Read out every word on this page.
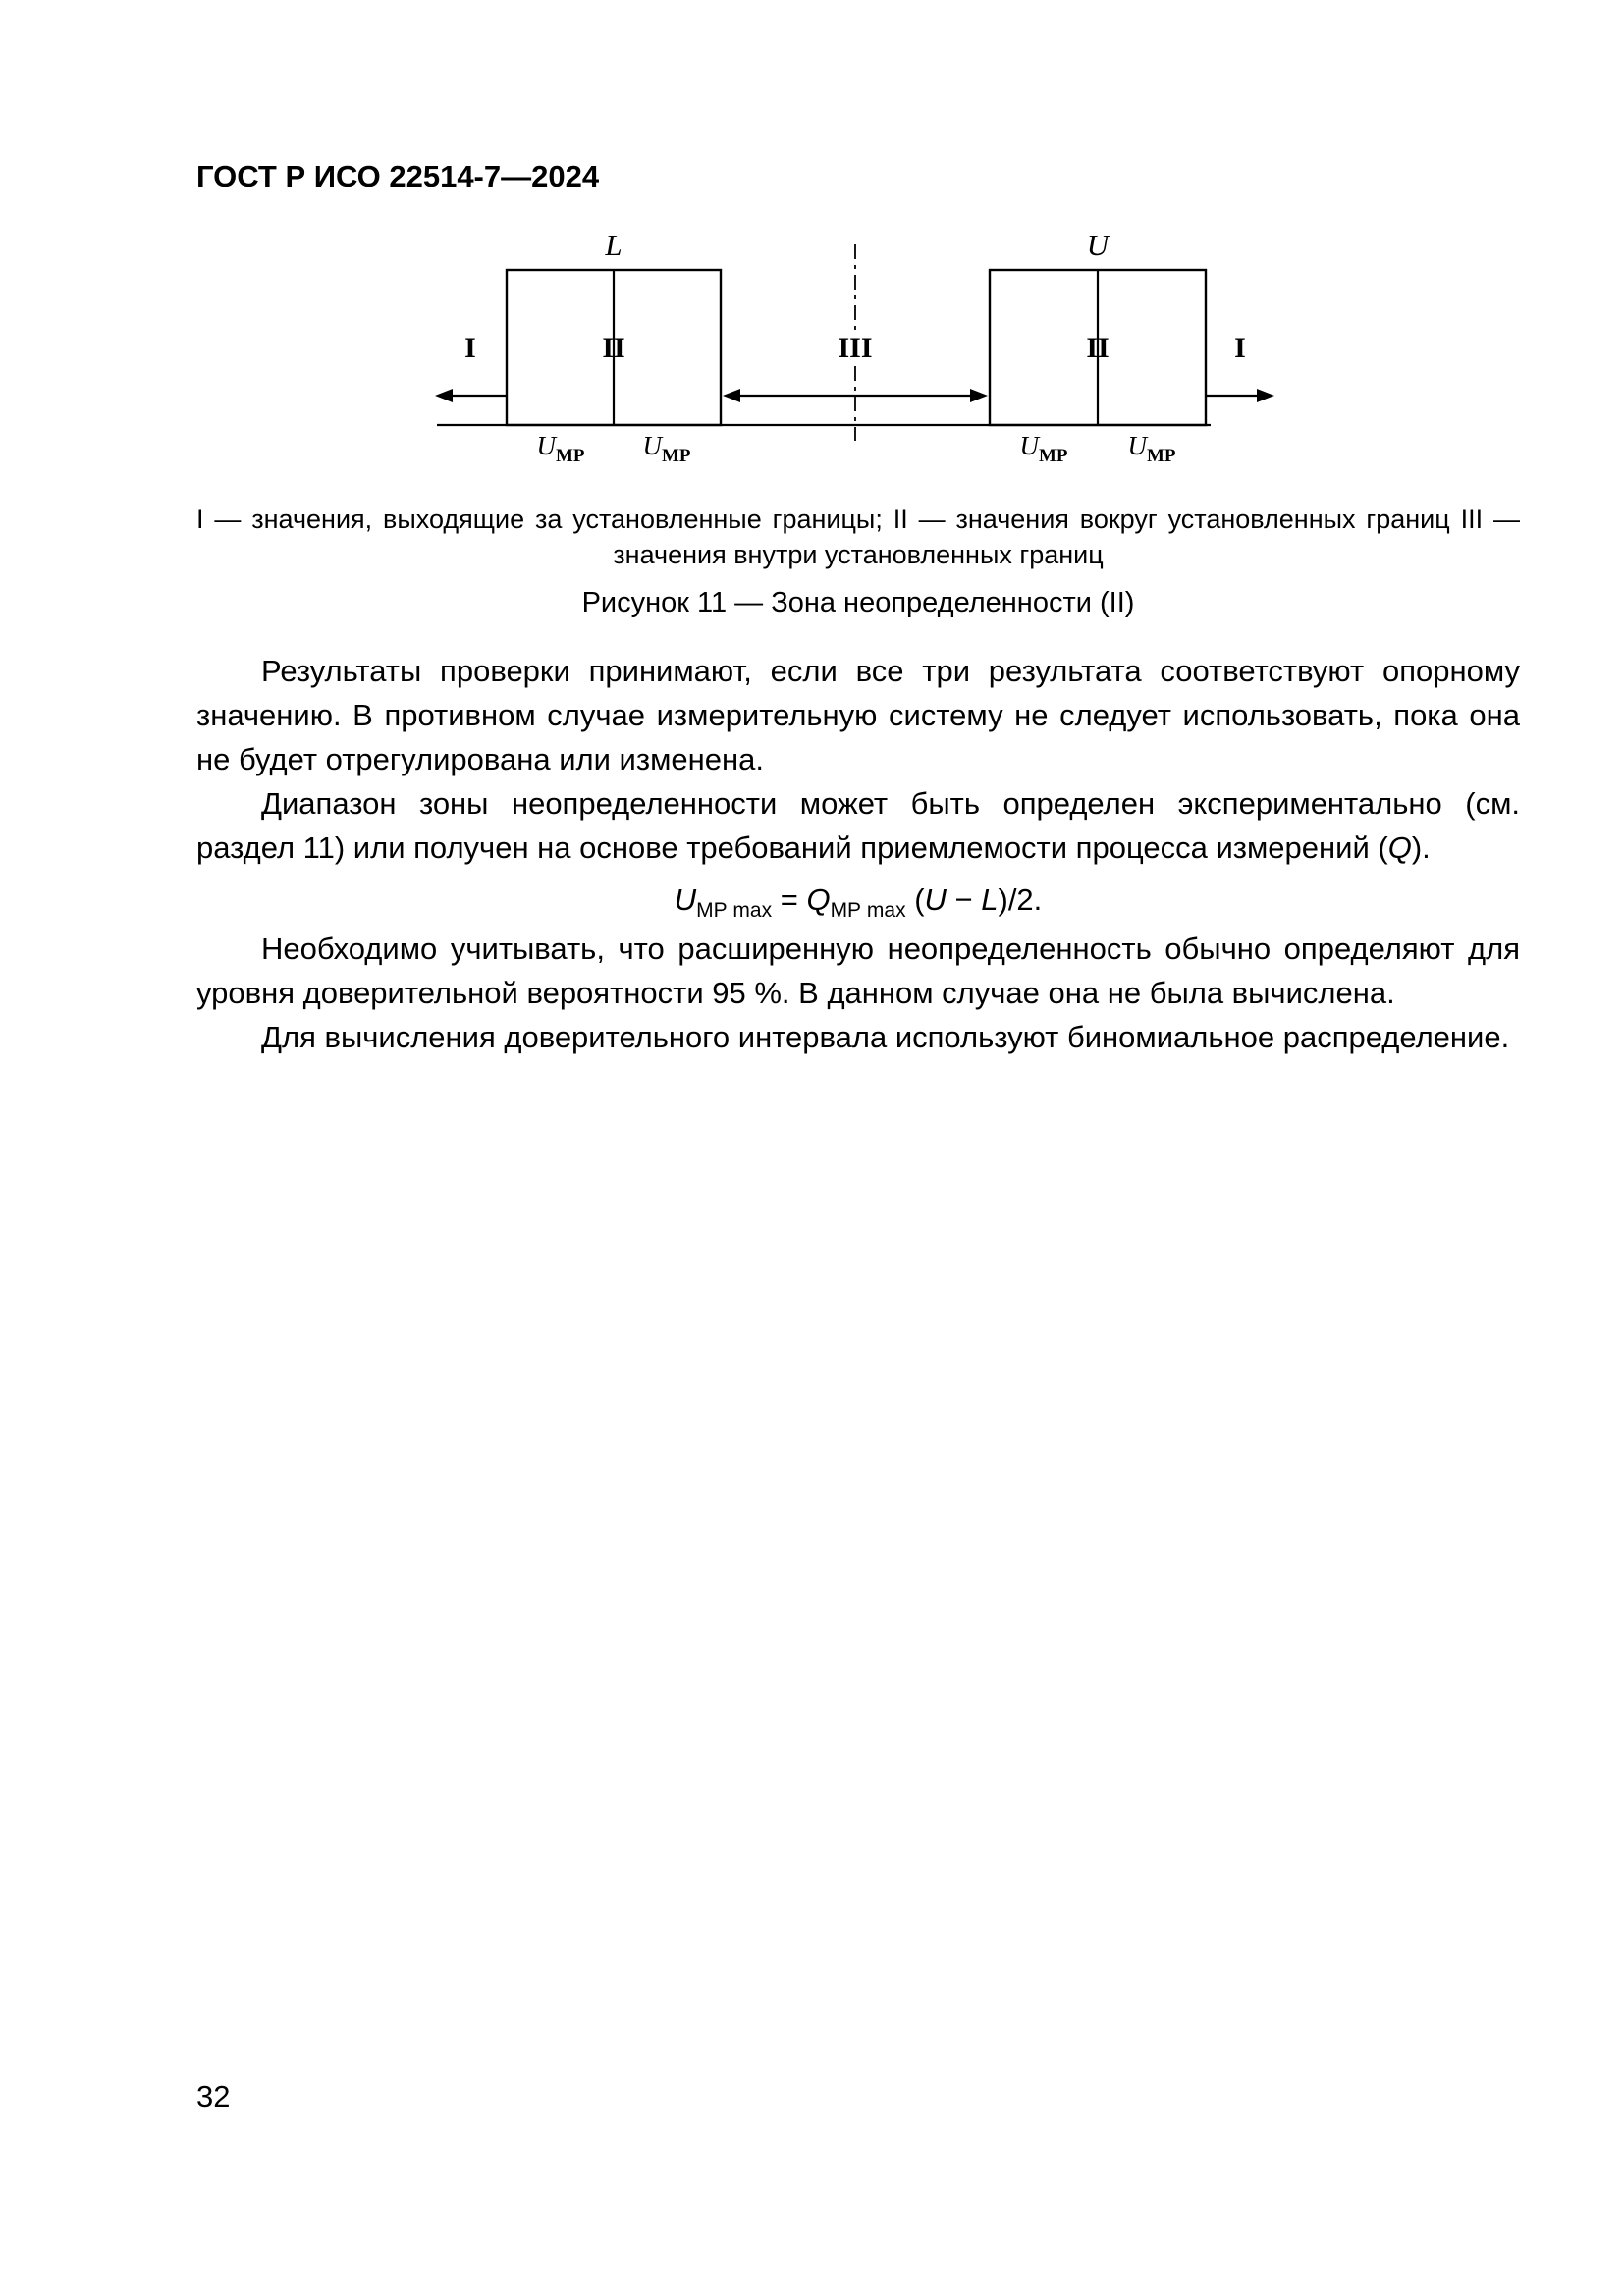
ГОСТ Р ИСО 22514-7—2024
L	U
I	II	III	II	I
$U_{МР}$ $U_{МР}$	$U_{МР}$ $U_{МР}$
I — значения, выходящие за установленные границы; II — значения вокруг установленных границ III — значения внутри установленных границ
Рисунок 11 — Зона неопределенности (II)

Результаты проверки принимают, если все три результата соответствуют опорному значению. В противном случае измерительную систему не следует использовать, пока она не будет отрегулирована или изменена.

Диапазон зоны неопределенности может быть определен экспериментально (см. раздел 11) или получен на основе требований приемлемости процесса измерений (Q).

$U_{МР max} = Q_{МР max}$ (U − L)/2.

Необходимо учитывать, что расширенную неопределенность обычно определяют для уровня доверительной вероятности 95 %. В данном случае она не была вычислена.

Для вычисления доверительного интервала используют биномиальное распределение.

32
